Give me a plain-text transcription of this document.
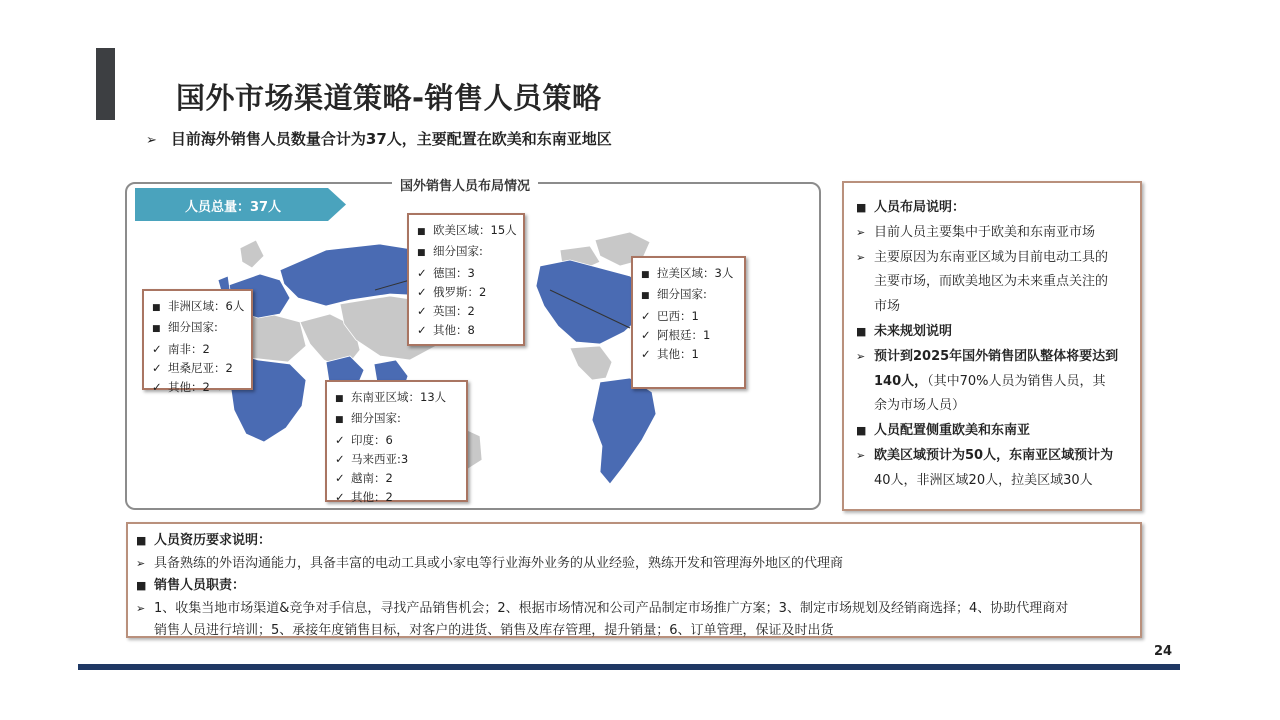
国外市场渠道策略-销售人员策略
➢ 目前海外销售人员数量合计为37人，主要配置在欧美和东南亚地区
国外销售人员布局情况
人员总量：37人
■ 非洲区域：6人
■ 细分国家:
✓ 南非：2
✓ 坦桑尼亚：2
✓ 其他：2
■ 欧美区域：15人
■ 细分国家:
✓ 德国：3
✓ 俄罗斯：2
✓ 英国：2
✓ 其他：8
■ 东南亚区域：13人
■ 细分国家:
✓ 印度：6
✓ 马来西亚:3
✓ 越南：2
✓ 其他：2
■ 拉美区域：3人
■ 细分国家:
✓ 巴西：1
✓ 阿根廷：1
✓ 其他：1
■ 人员布局说明：
➢ 目前人员主要集中于欧美和东南亚市场
➢ 主要原因为东南亚区域为目前电动工具的
主要市场，而欧美地区为未来重点关注的
市场
■ 未来规划说明
➢ 预计到2025年国外销售团队整体将要达到
140人，（其中70%人员为销售人员，其
余为市场人员）
■ 人员配置侧重欧美和东南亚
➢ 欧美区域预计为50人，东南亚区域预计为
40人，非洲区域20人，拉美区域30人
■ 人员资历要求说明：
➢ 具备熟练的外语沟通能力，具备丰富的电动工具或小家电等行业海外业务的从业经验，熟练开发和管理海外地区的代理商
■ 销售人员职责：
➢ 1、收集当地市场渠道&竞争对手信息，寻找产品销售机会；2、根据市场情况和公司产品制定市场推广方案；3、制定市场规划及经销商选择；4、协助代理商对
销售人员进行培训；5、承接年度销售目标，对客户的进货、销售及库存管理，提升销量；6、订单管理，保证及时出货
24
